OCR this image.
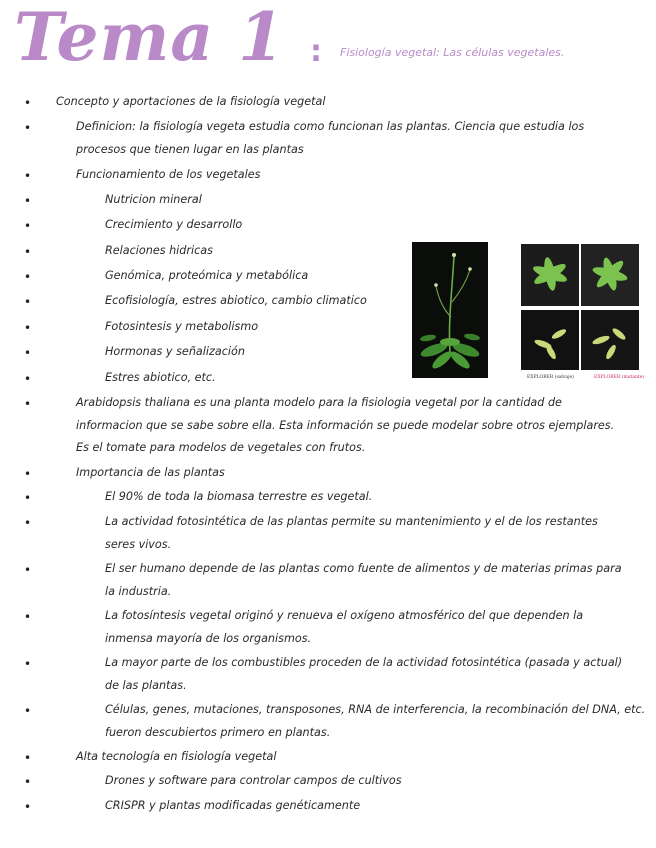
Tema 1 : Fisiología vegetal: Las células vegetales.
• Concepto y aportaciones de la fisiología vegetal
•	Definicion: la fisiología vegeta estudia como funcionan las plantas. Ciencia que estudia los
procesos que tienen lugar en las plantas
•	Funcionamiento de los vegetales
•	Nutricion mineral
•	Crecimiento y desarrollo
•	Relaciones hidricas
•	Genómica, proteómica y metabólica
•	Ecofisiología, estres abiotico, cambio climatico
•	Fotosintesis y metabolismo
•	Hormonas y señalización
•	Estres abiotico, etc.
•	Arabidopsis thaliana es una planta modelo para la fisiologia vegetal por la cantidad de
informacion que se sabe sobre ella. Esta información se puede modelar sobre otros ejemplares.
Es el tomate para modelos de vegetales con frutos.
•	Importancia de las plantas
•	El 90% de toda la biomasa terrestre es vegetal.
•	La actividad fotosintética de las plantas permite su mantenimiento y el de los restantes
seres vivos.
•	El ser humano depende de las plantas como fuente de alimentos y de materias primas para
la industria.
•	La fotosíntesis vegetal originó y renueva el oxígeno atmosférico del que dependen la
inmensa mayoría de los organismos.
•	La mayor parte de los combustibles proceden de la actividad fotosintética (pasada y actual)
de las plantas.
•	Células, genes, mutaciones, transposones, RNA de interferencia, la recombinación del DNA, etc.
fueron descubiertos primero en plantas.
•	Alta tecnología en fisiología vegetal
•	Drones y software para controlar campos de cultivos
•	CRISPR y plantas modificadas genéticamente
EXPLORER (salvaje)	EXPLORER (mutante)
